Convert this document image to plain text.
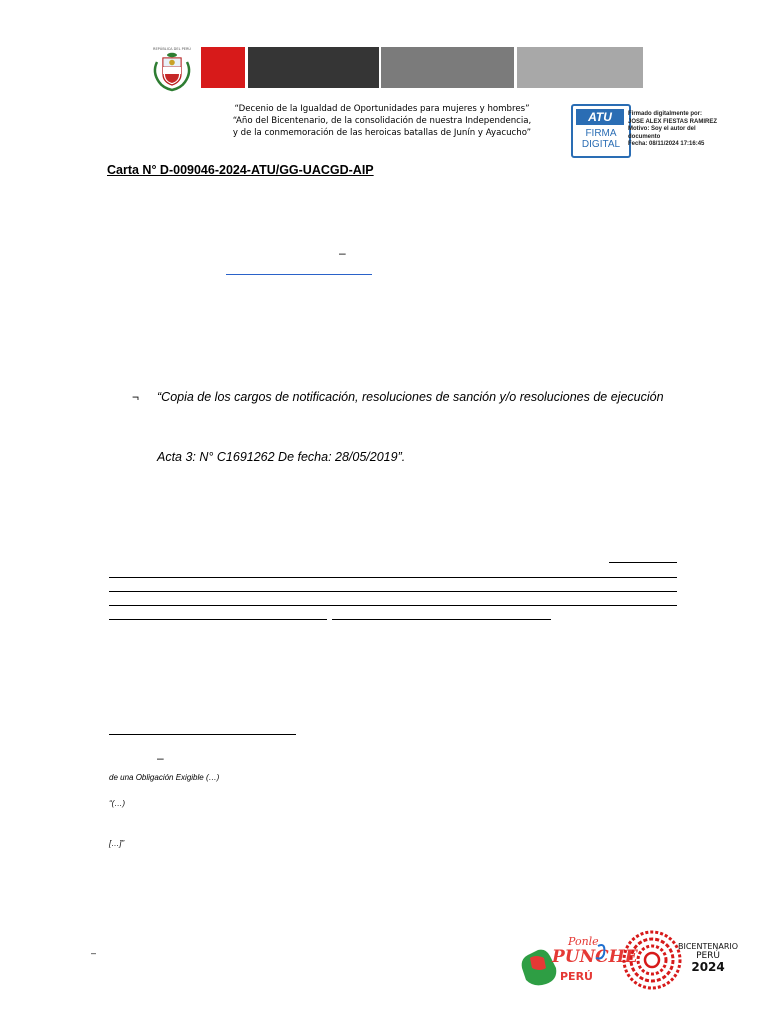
REPÚBLICA DEL PERÚ
“Decenio de la Igualdad de Oportunidades para mujeres y hombres”
“Año del Bicentenario, de la consolidación de nuestra Independencia,
y de la conmemoración de las heroicas batallas de Junín y Ayacucho”
ATU
FIRMA
DIGITAL
Firmado digitalmente por:
JOSE ALEX FIESTAS RAMIREZ
Motivo: Soy el autor del
documento
Fecha: 08/11/2024 17:16:45
Carta N° D-009046-2024-ATU/GG-UACGD-AIP
–
¬ “Copia de los cargos de notificación, resoluciones de sanción y/o resoluciones de ejecución
Acta 3: N° C1691262 De fecha: 28/05/2019”.
–
de una Obligación Exigible (…)
“(…)
[…]”
–
Ponle
PUNCHE
PERÚ
BICENTENARIO
PERÚ
2024
